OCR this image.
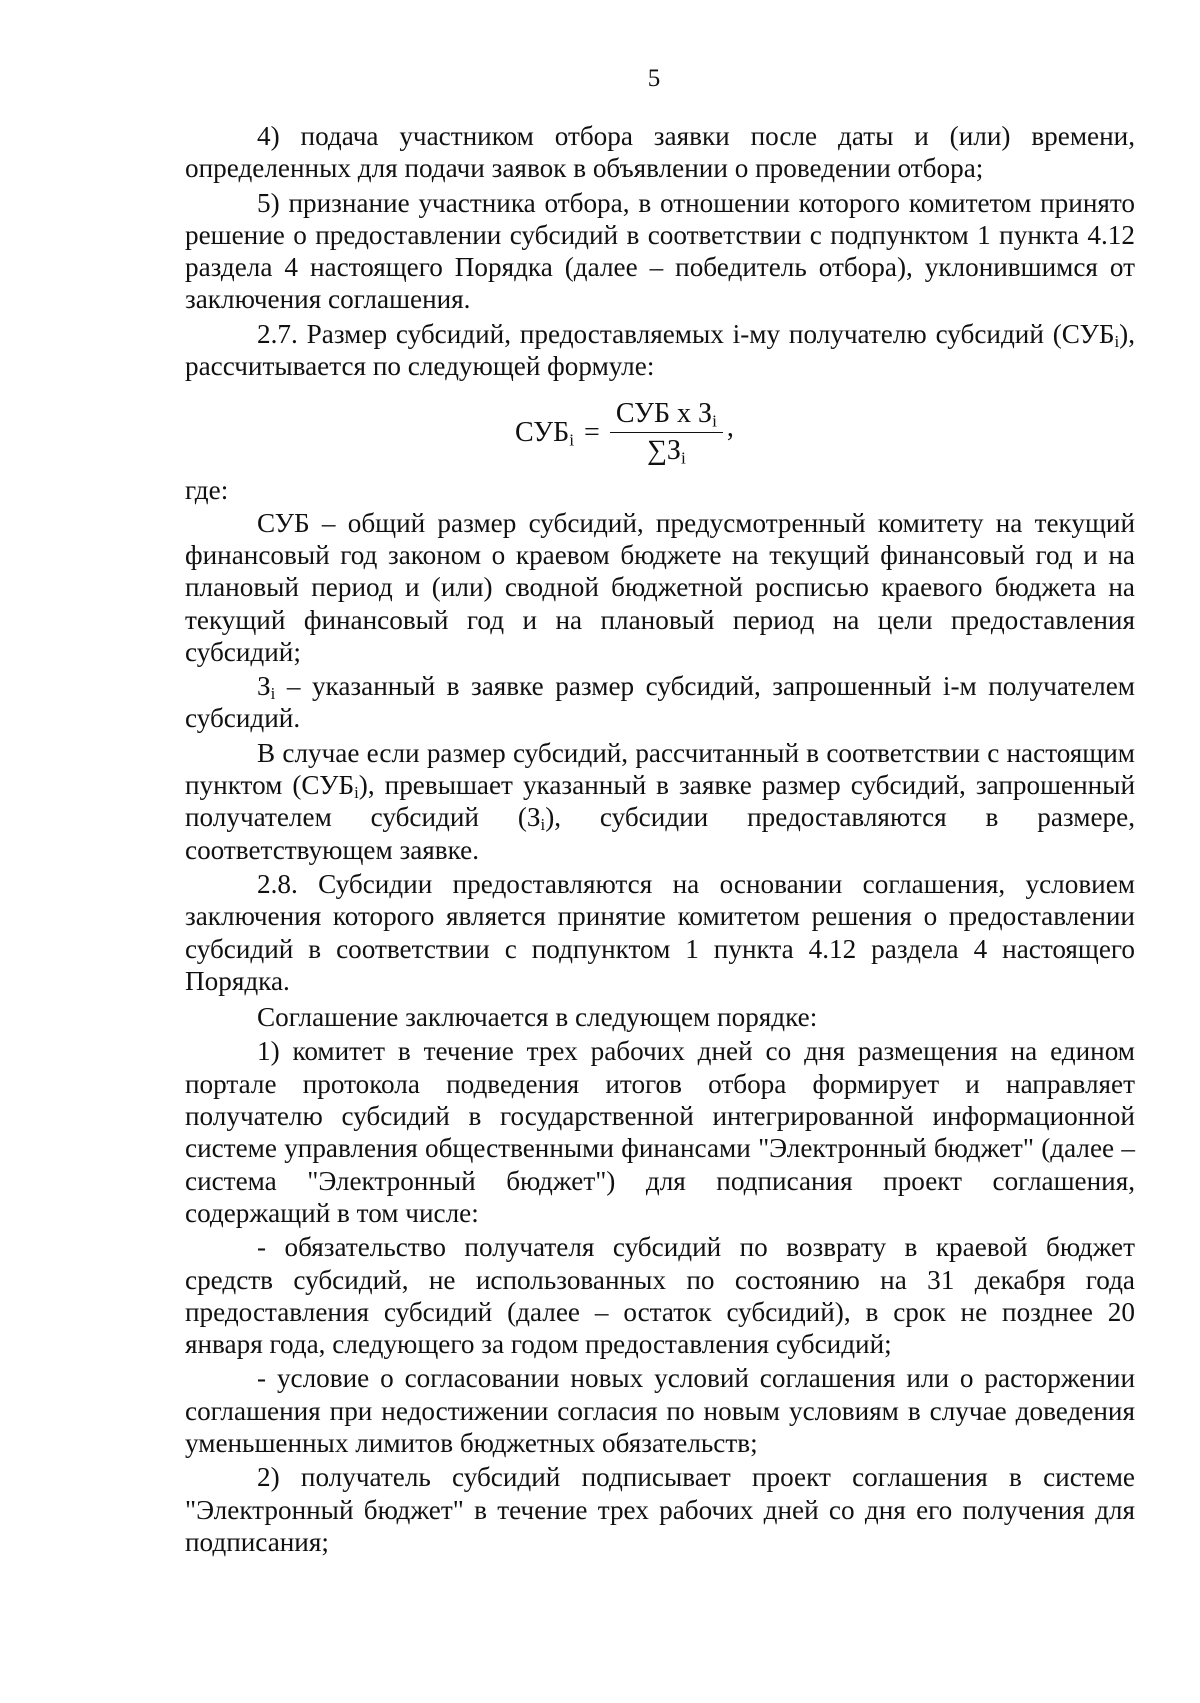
5

4) подача участником отбора заявки после даты и (или) времени, определенных для подачи заявок в объявлении о проведении отбора;

5) признание участника отбора, в отношении которого комитетом принято решение о предоставлении субсидий в соответствии с подпунктом 1 пункта 4.12 раздела 4 настоящего Порядка (далее – победитель отбора), уклонившимся от заключения соглашения.

2.7. Размер субсидий, предоставляемых і-му получателю субсидий $(СУБ_i)$, рассчитывается по следующей формуле:

$СУБ_i = \frac{СУБ х З_i}{\sum З_i}$ ,

где:

СУБ – общий размер субсидий, предусмотренный комитету на текущий финансовый год законом о краевом бюджете на текущий финансовый год и на плановый период и (или) сводной бюджетной росписью краевого бюджета на текущий финансовый год и на плановый период на цели предоставления субсидий;

$З_i$ – указанный в заявке размер субсидий, запрошенный і-м получателем субсидий.

В случае если размер субсидий, рассчитанный в соответствии с настоящим пунктом $(СУБ_i)$, превышает указанный в заявке размер субсидий, запрошенный получателем субсидий $(З_i)$, субсидии предоставляются в размере, соответствующем заявке.

2.8. Субсидии предоставляются на основании соглашения, условием заключения которого является принятие комитетом решения о предоставлении субсидий в соответствии с подпунктом 1 пункта 4.12 раздела 4 настоящего Порядка.

Соглашение заключается в следующем порядке:

1) комитет в течение трех рабочих дней со дня размещения на едином портале протокола подведения итогов отбора формирует и направляет получателю субсидий в государственной интегрированной информационной системе управления общественными финансами "Электронный бюджет" (далее – система "Электронный бюджет") для подписания проект соглашения, содержащий в том числе:

- обязательство получателя субсидий по возврату в краевой бюджет средств субсидий, не использованных по состоянию на 31 декабря года предоставления субсидий (далее – остаток субсидий), в срок не позднее 20 января года, следующего за годом предоставления субсидий;

- условие о согласовании новых условий соглашения или о расторжении соглашения при недостижении согласия по новым условиям в случае доведения уменьшенных лимитов бюджетных обязательств;

2) получатель субсидий подписывает проект соглашения в системе "Электронный бюджет" в течение трех рабочих дней со дня его получения для подписания;
